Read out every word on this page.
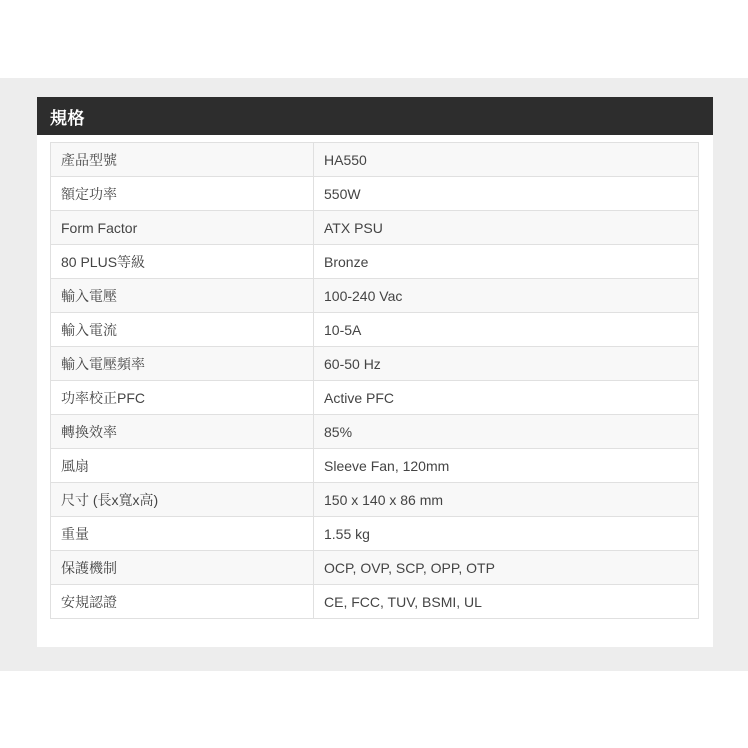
規格
產品型號	HA550
額定功率	550W
Form Factor	ATX PSU
80 PLUS等級	Bronze
輸入電壓	100-240 Vac
輸入電流	10-5A
輸入電壓頻率	60-50 Hz
功率校正PFC	Active PFC
轉換效率	85%
風扇	Sleeve Fan, 120mm
尺寸 (長x寬x高)	150 x 140 x 86 mm
重量	1.55 kg
保護機制	OCP, OVP, SCP, OPP, OTP
安規認證	CE, FCC, TUV, BSMI, UL
